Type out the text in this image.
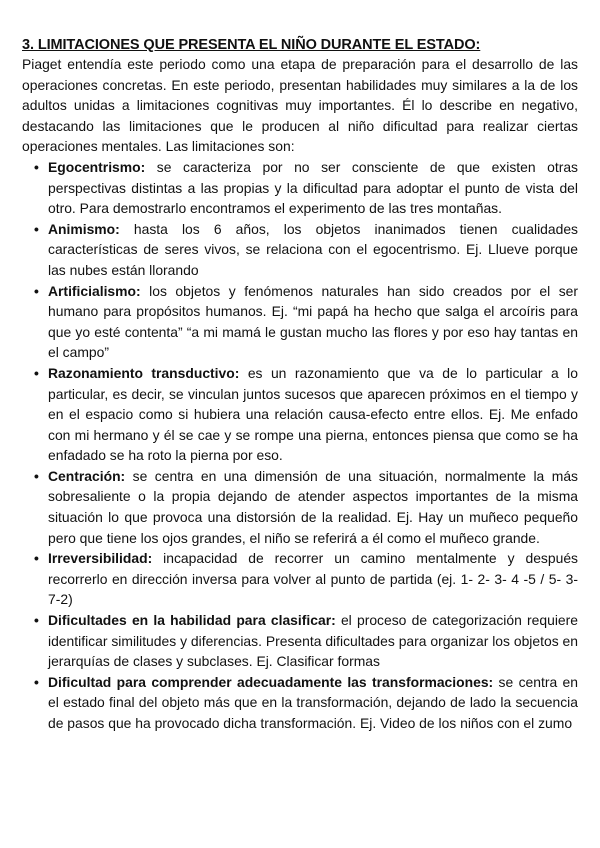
3. LIMITACIONES QUE PRESENTA EL NIÑO DURANTE EL ESTADO:

Piaget entendía este periodo como una etapa de preparación para el desarrollo de las operaciones concretas. En este periodo, presentan habilidades muy similares a la de los adultos unidas a limitaciones cognitivas muy importantes. Él lo describe en negativo, destacando las limitaciones que le producen al niño dificultad para realizar ciertas operaciones mentales. Las limitaciones son:

• Egocentrismo: se caracteriza por no ser consciente de que existen otras perspectivas distintas a las propias y la dificultad para adoptar el punto de vista del otro. Para demostrarlo encontramos el experimento de las tres montañas.
• Animismo: hasta los 6 años, los objetos inanimados tienen cualidades características de seres vivos, se relaciona con el egocentrismo. Ej. Llueve porque las nubes están llorando
• Artificialismo: los objetos y fenómenos naturales han sido creados por el ser humano para propósitos humanos. Ej. “mi papá ha hecho que salga el arcoíris para que yo esté contenta” “a mi mamá le gustan mucho las flores y por eso hay tantas en el campo”
• Razonamiento transductivo: es un razonamiento que va de lo particular a lo particular, es decir, se vinculan juntos sucesos que aparecen próximos en el tiempo y en el espacio como si hubiera una relación causa-efecto entre ellos. Ej. Me enfado con mi hermano y él se cae y se rompe una pierna, entonces piensa que como se ha enfadado se ha roto la pierna por eso.
• Centración: se centra en una dimensión de una situación, normalmente la más sobresaliente o la propia dejando de atender aspectos importantes de la misma situación lo que provoca una distorsión de la realidad. Ej. Hay un muñeco pequeño pero que tiene los ojos grandes, el niño se referirá a él como el muñeco grande.
• Irreversibilidad: incapacidad de recorrer un camino mentalmente y después recorrerlo en dirección inversa para volver al punto de partida (ej. 1- 2- 3- 4 -5 / 5- 3- 7-2)
• Dificultades en la habilidad para clasificar: el proceso de categorización requiere identificar similitudes y diferencias. Presenta dificultades para organizar los objetos en jerarquías de clases y subclases. Ej. Clasificar formas
• Dificultad para comprender adecuadamente las transformaciones: se centra en el estado final del objeto más que en la transformación, dejando de lado la secuencia de pasos que ha provocado dicha transformación. Ej. Video de los niños con el zumo
